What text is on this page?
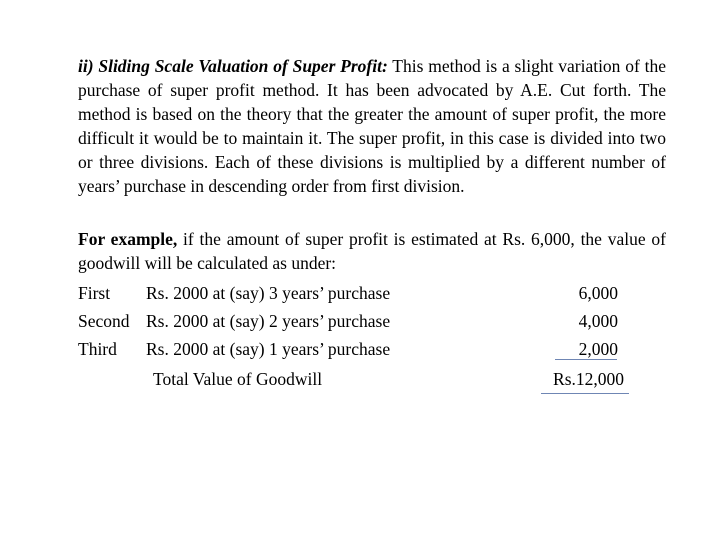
ii) Sliding Scale Valuation of Super Profit: This method is a slight variation of the purchase of super profit method. It has been advocated by A.E. Cut forth. The method is based on the theory that the greater the amount of super profit, the more difficult it would be to maintain it. The super profit, in this case is divided into two or three divisions. Each of these divisions is multiplied by a different number of years’ purchase in descending order from first division.

For example, if the amount of super profit is estimated at Rs. 6,000, the value of goodwill will be calculated as under:

First Rs. 2000 at (say) 3 years’ purchase	6,000
Second Rs. 2000 at (say) 2 years’ purchase	4,000
Third Rs. 2000 at (say) 1 years’ purchase	2,000
Total Value of Goodwill	Rs.12,000
